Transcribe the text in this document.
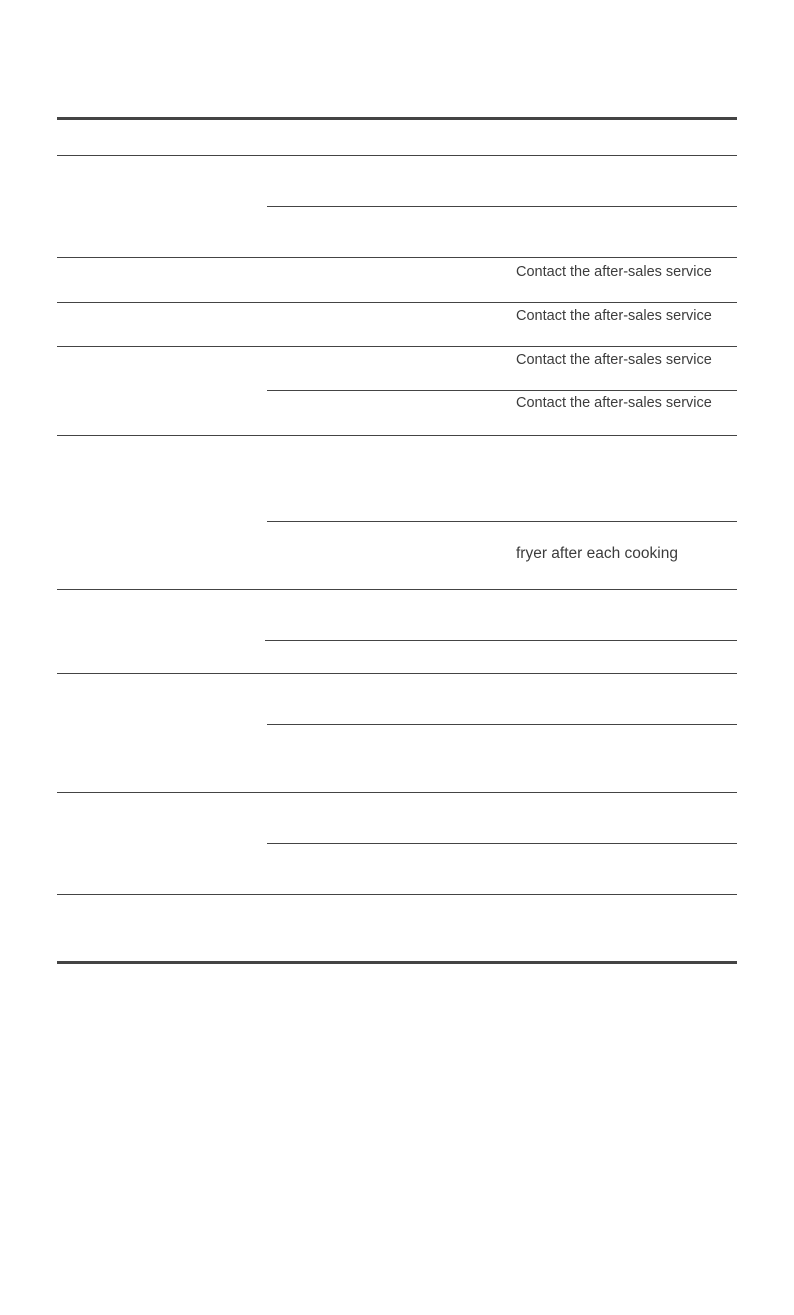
Contact the after-sales service
Contact the after-sales service
Contact the after-sales service
Contact the after-sales service
fryer after each cooking
